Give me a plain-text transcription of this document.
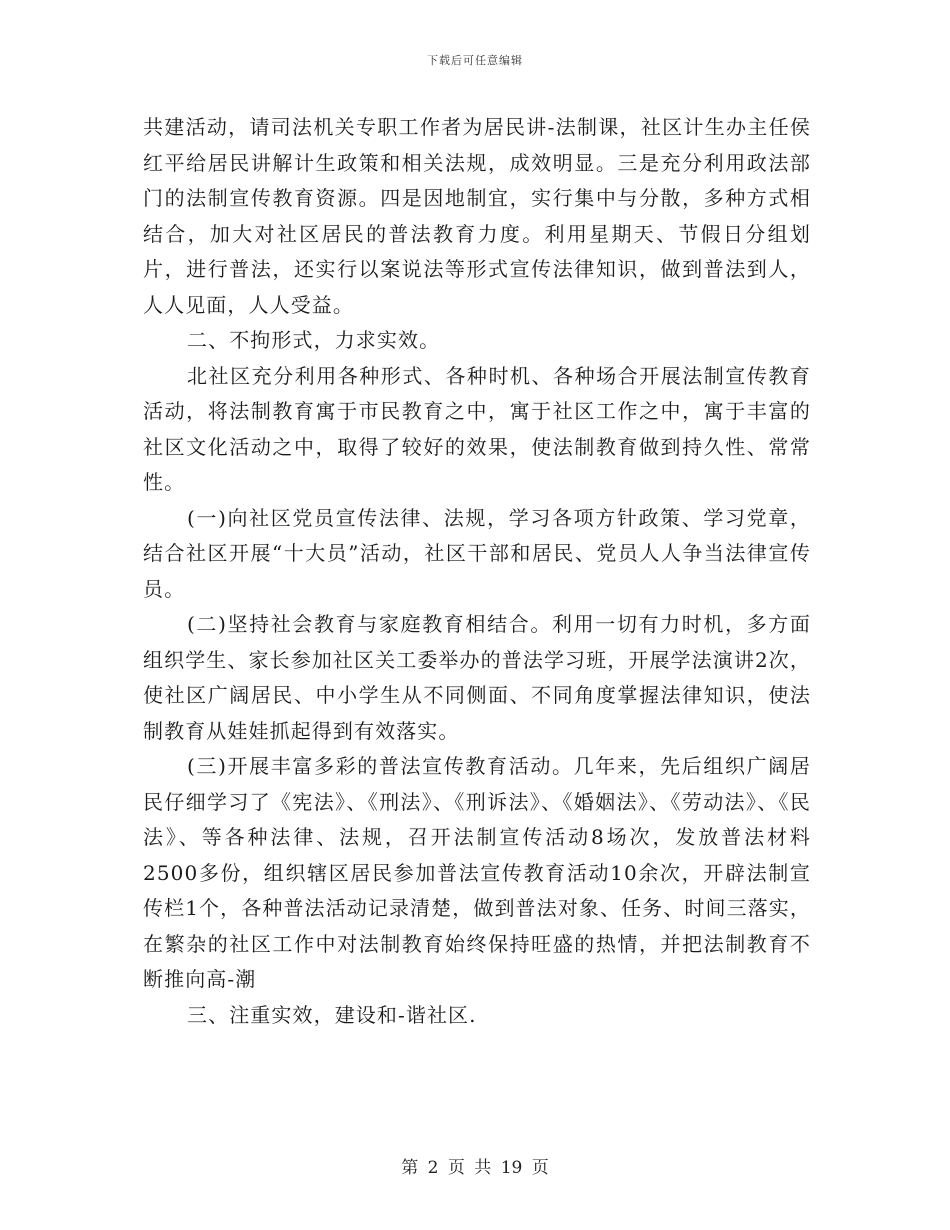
下载后可任意编辑

共建活动，请司法机关专职工作者为居民讲-法制课，社区计生办主任侯红平给居民讲解计生政策和相关法规，成效明显。三是充分利用政法部门的法制宣传教育资源。四是因地制宜，实行集中与分散，多种方式相结合，加大对社区居民的普法教育力度。利用星期天、节假日分组划片，进行普法，还实行以案说法等形式宣传法律知识，做到普法到人，人人见面，人人受益。

二、不拘形式，力求实效。

北社区充分利用各种形式、各种时机、各种场合开展法制宣传教育活动，将法制教育寓于市民教育之中，寓于社区工作之中，寓于丰富的社区文化活动之中，取得了较好的效果，使法制教育做到持久性、常常性。

(一)向社区党员宣传法律、法规，学习各项方针政策、学习党章，结合社区开展“十大员”活动，社区干部和居民、党员人人争当法律宣传员。

(二)坚持社会教育与家庭教育相结合。利用一切有力时机，多方面组织学生、家长参加社区关工委举办的普法学习班，开展学法演讲2次，使社区广阔居民、中小学生从不同侧面、不同角度掌握法律知识，使法制教育从娃娃抓起得到有效落实。

(三)开展丰富多彩的普法宣传教育活动。几年来，先后组织广阔居民仔细学习了《宪法》、《刑法》、《刑诉法》、《婚姻法》、《劳动法》、《民法》、等各种法律、法规，召开法制宣传活动8场次，发放普法材料2500多份，组织辖区居民参加普法宣传教育活动10余次，开辟法制宣传栏1个，各种普法活动记录清楚，做到普法对象、任务、时间三落实，在繁杂的社区工作中对法制教育始终保持旺盛的热情，并把法制教育不断推向高-潮

三、注重实效，建设和-谐社区.

第 2 页 共 19 页
